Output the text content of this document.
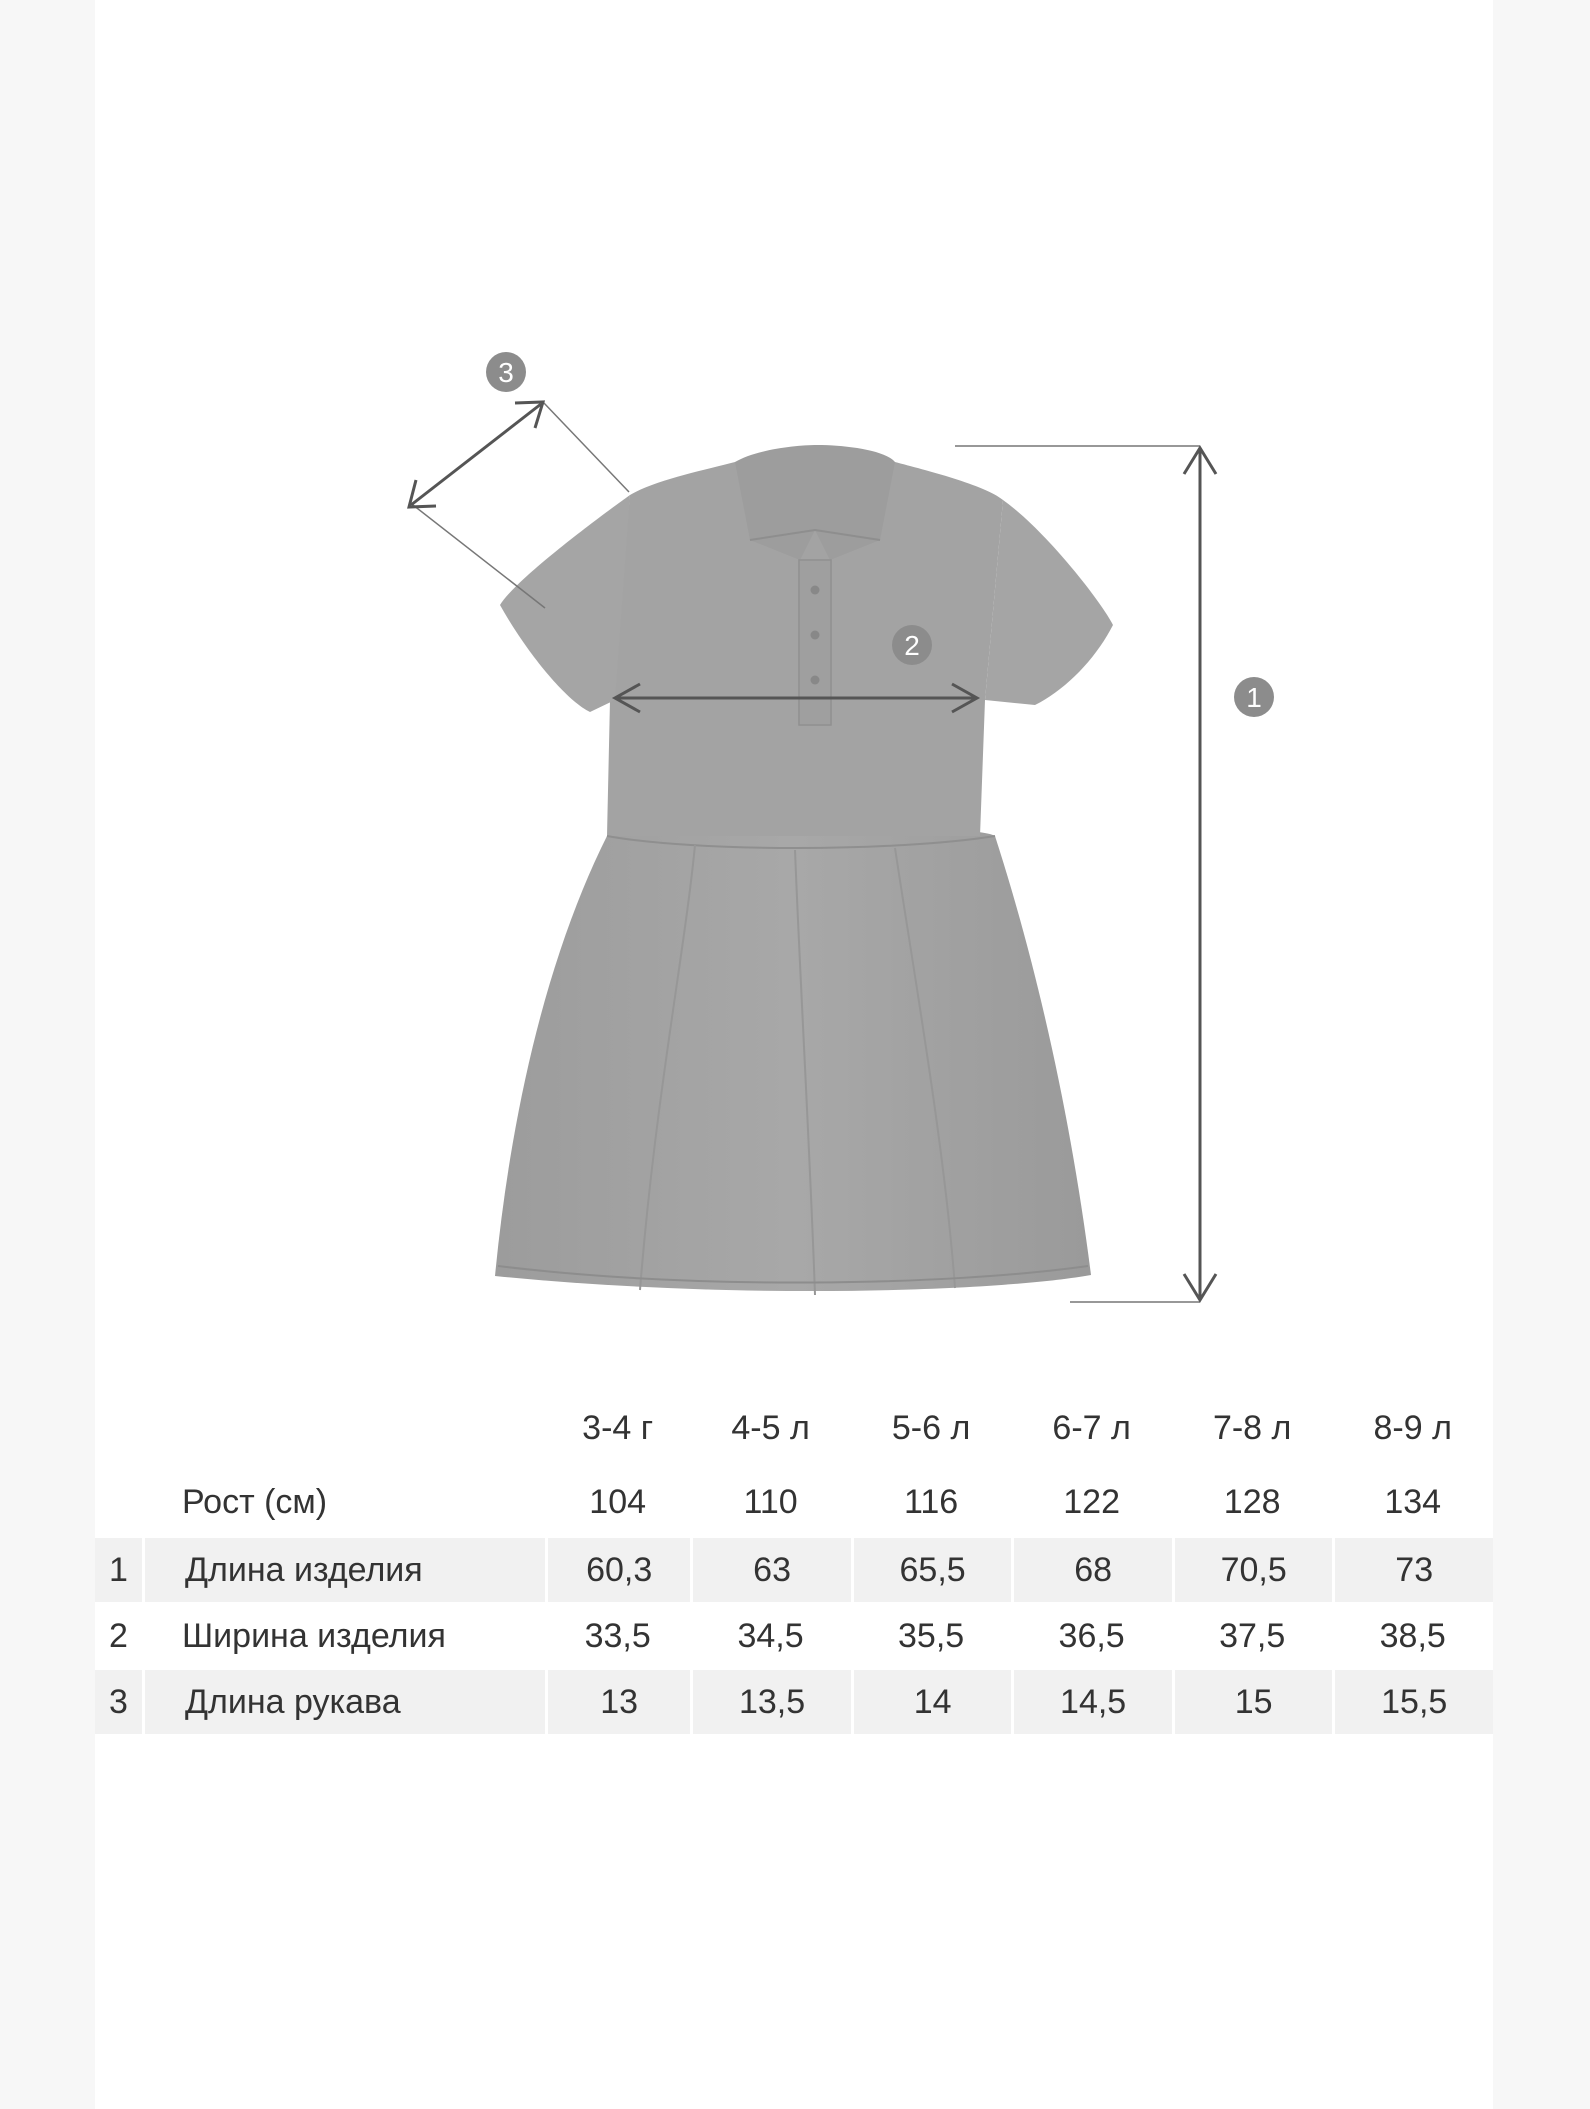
1
2
3
		3-4 г	4-5 л	5-6 л	6-7 л	7-8 л	8-9 л
	Рост (см)	104	110	116	122	128	134
1	Длина изделия	60,3	63	65,5	68	70,5	73
2	Ширина изделия	33,5	34,5	35,5	36,5	37,5	38,5
3	Длина рукава	13	13,5	14	14,5	15	15,5
